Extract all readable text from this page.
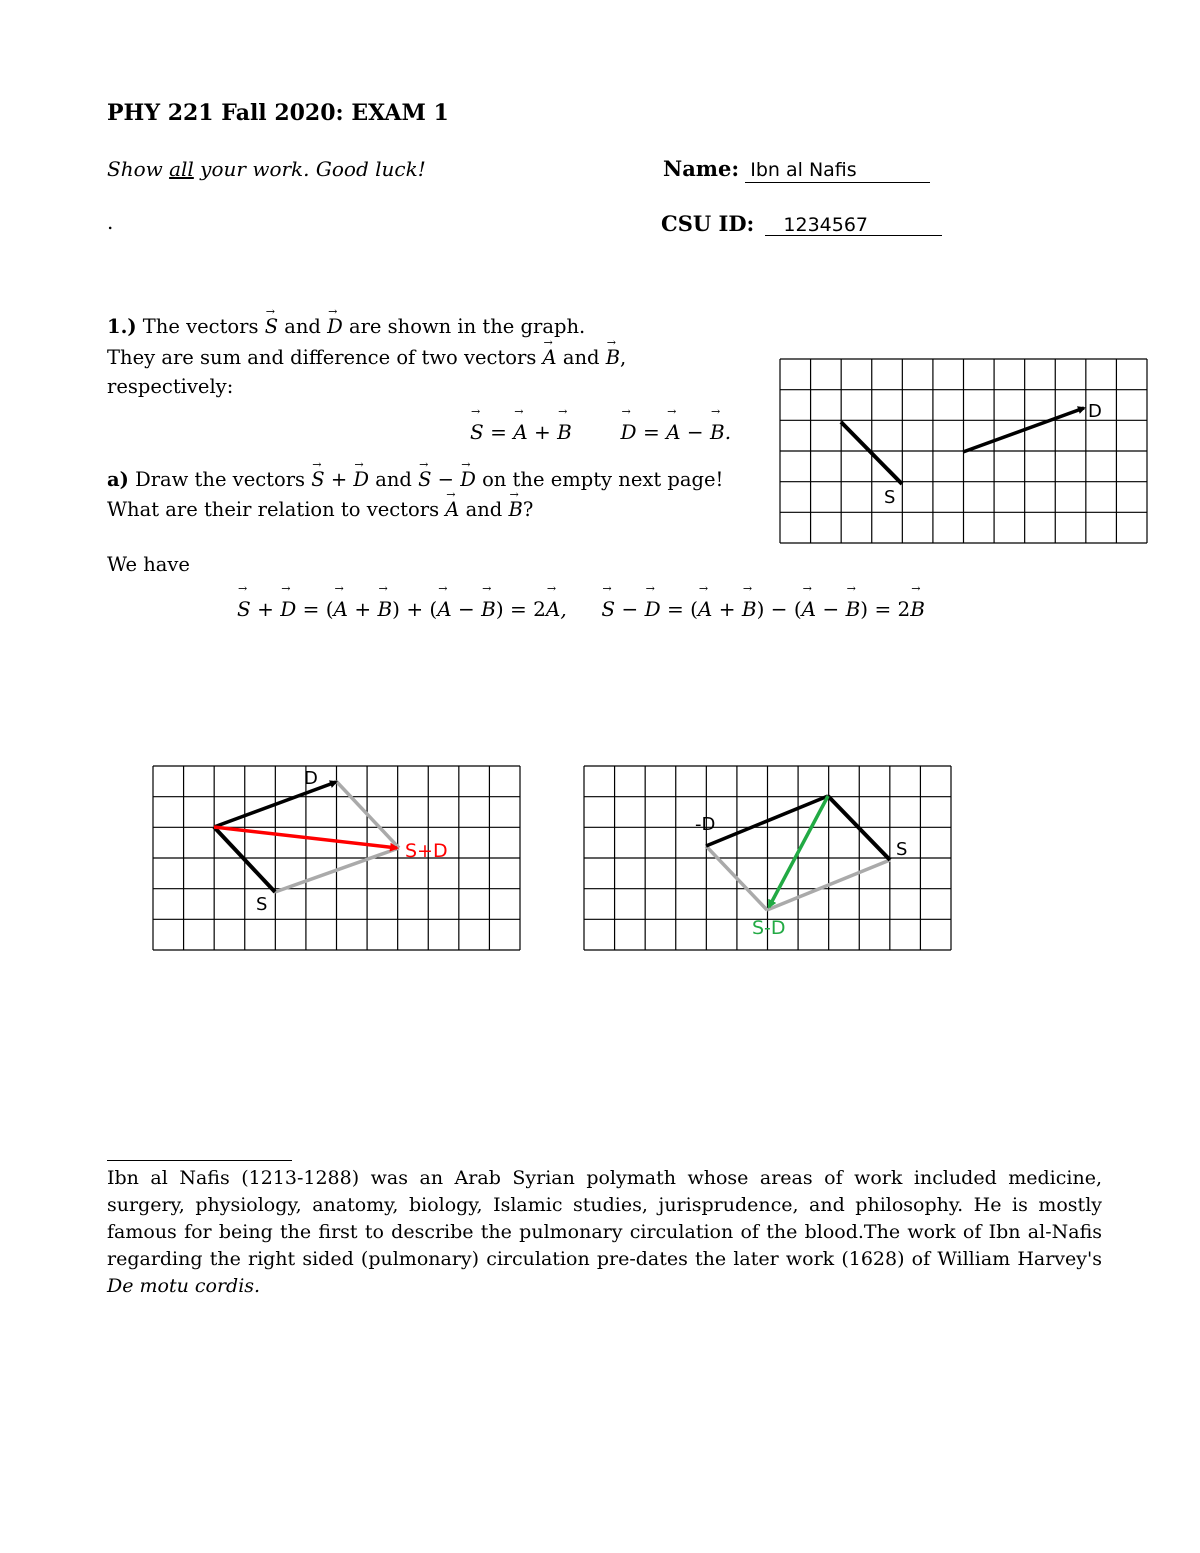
PHY 221 Fall 2020: EXAM 1
Show all your work. Good luck!
.
Name: Ibn al Nafis
CSU ID: 1234567
1.) The vectors → S and → D are shown in the graph.
They are sum and difference of two vectors → A and → B,
respectively:
→ S = → A + → B → D = → A − → B.
a) Draw the vectors → S + → D and → S − → D on the empty next page!
What are their relation to vectors → A and → B?
We have
→ S + → D = (→ A + → B) + (→ A − → B) = 2→ A,  → S − → D = (→ A + → B) − (→ A − → B) = 2→ B
S
D
S
D
S+D	S
-D
S-D
Ibn al Nafis (1213-1288) was an Arab Syrian polymath whose areas of work included medicine, surgery, physiology, anatomy, biology, Islamic studies, jurisprudence, and philosophy. He is mostly famous for being the first to describe the pulmonary circulation of the blood.The work of Ibn al-Nafis regarding the right sided (pulmonary) circulation pre-dates the later work (1628) of William Harvey's De motu cordis.
